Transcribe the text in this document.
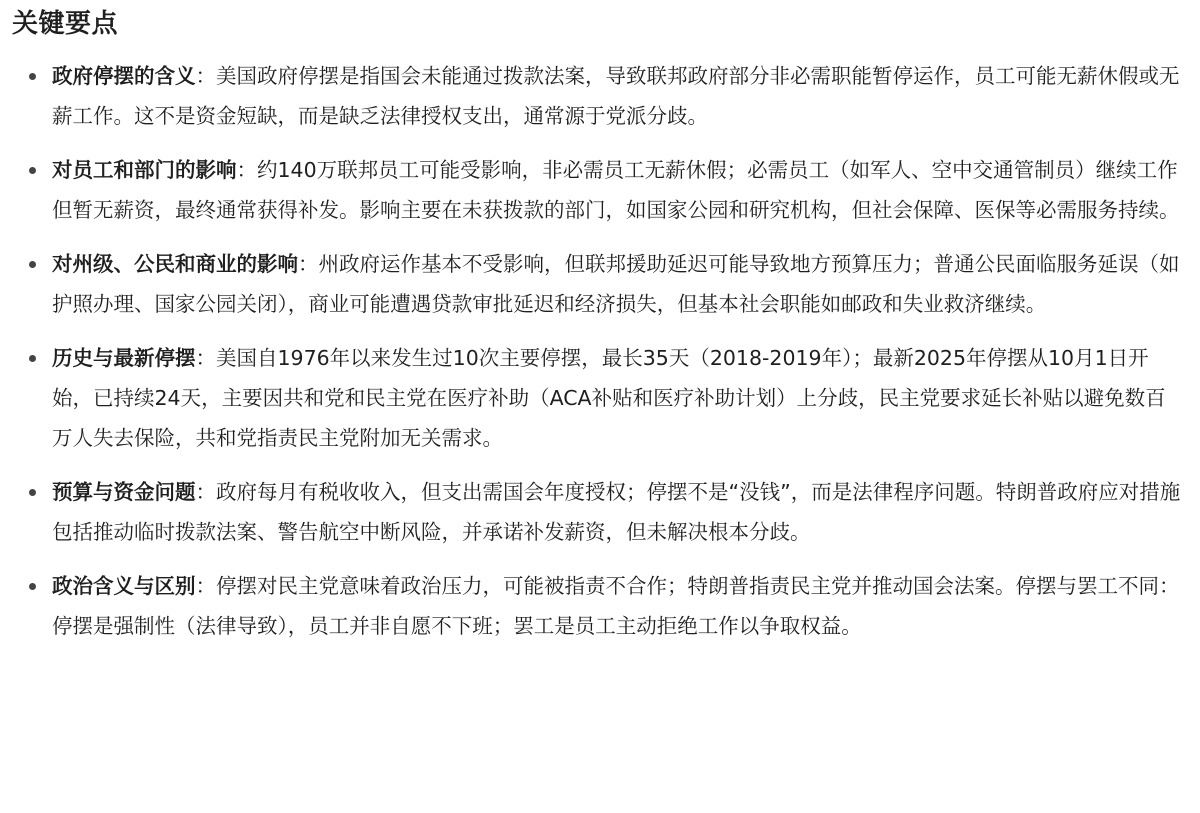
关键要点
政府停摆的含义：美国政府停摆是指国会未能通过拨款法案，导致联邦政府部分非必需职能暂停运作，员工可能无薪休假或无薪工作。这不是资金短缺，而是缺乏法律授权支出，通常源于党派分歧。
对员工和部门的影响：约140万联邦员工可能受影响，非必需员工无薪休假；必需员工（如军人、空中交通管制员）继续工作但暂无薪资，最终通常获得补发。影响主要在未获拨款的部门，如国家公园和研究机构，但社会保障、医保等必需服务持续。
对州级、公民和商业的影响：州政府运作基本不受影响，但联邦援助延迟可能导致地方预算压力；普通公民面临服务延误（如护照办理、国家公园关闭），商业可能遭遇贷款审批延迟和经济损失，但基本社会职能如邮政和失业救济继续。
历史与最新停摆：美国自1976年以来发生过10次主要停摆，最长35天（2018-2019年）；最新2025年停摆从10月1日开始，已持续24天，主要因共和党和民主党在医疗补助（ACA补贴和医疗补助计划）上分歧，民主党要求延长补贴以避免数百万人失去保险，共和党指责民主党附加无关需求。
预算与资金问题：政府每月有税收收入，但支出需国会年度授权；停摆不是“没钱”，而是法律程序问题。特朗普政府应对措施包括推动临时拨款法案、警告航空中断风险，并承诺补发薪资，但未解决根本分歧。
政治含义与区别：停摆对民主党意味着政治压力，可能被指责不合作；特朗普指责民主党并推动国会法案。停摆与罢工不同：停摆是强制性（法律导致），员工并非自愿不下班；罢工是员工主动拒绝工作以争取权益。
